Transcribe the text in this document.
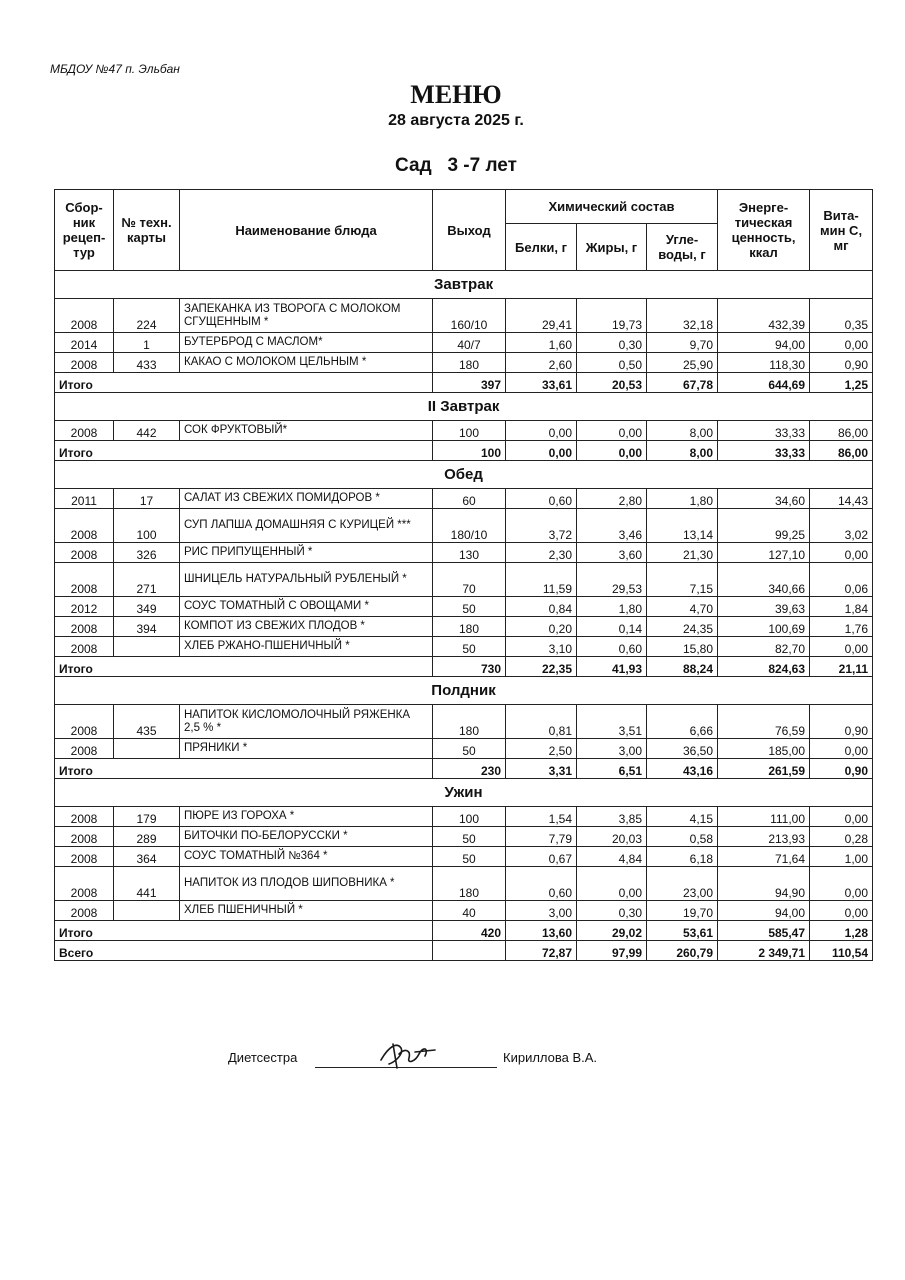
МБДОУ №47 п. Эльбан
МЕНЮ
28 августа 2025 г.
Сад   3 -7 лет
Сбор-ник рецеп-тур	№ техн. карты	Наименование блюда	Выход	Химический состав			Энерге-тическая ценность, ккал	Вита-мин С, мг
				Белки, г	Жиры, г	Угле-воды, г		
Завтрак								
2008	224	ЗАПЕКАНКА ИЗ ТВОРОГА С МОЛОКОМ СГУЩЕННЫМ *	160/10	29,41	19,73	32,18	432,39	0,35
2014	1	БУТЕРБРОД С МАСЛОМ*	40/7	1,60	0,30	9,70	94,00	0,00
2008	433	КАКАО С МОЛОКОМ ЦЕЛЬНЫМ *	180	2,60	0,50	25,90	118,30	0,90
Итого			397	33,61	20,53	67,78	644,69	1,25
II Завтрак								
2008	442	СОК ФРУКТОВЫЙ*	100	0,00	0,00	8,00	33,33	86,00
Итого			100	0,00	0,00	8,00	33,33	86,00
Обед								
2011	17	САЛАТ ИЗ СВЕЖИХ ПОМИДОРОВ *	60	0,60	2,80	1,80	34,60	14,43
2008	100	СУП ЛАПША ДОМАШНЯЯ С КУРИЦЕЙ ***	180/10	3,72	3,46	13,14	99,25	3,02
2008	326	РИС ПРИПУЩЕННЫЙ *	130	2,30	3,60	21,30	127,10	0,00
2008	271	ШНИЦЕЛЬ НАТУРАЛЬНЫЙ РУБЛЕНЫЙ *	70	11,59	29,53	7,15	340,66	0,06
2012	349	СОУС ТОМАТНЫЙ С ОВОЩАМИ *	50	0,84	1,80	4,70	39,63	1,84
2008	394	КОМПОТ ИЗ СВЕЖИХ ПЛОДОВ *	180	0,20	0,14	24,35	100,69	1,76
2008		ХЛЕБ РЖАНО-ПШЕНИЧНЫЙ *	50	3,10	0,60	15,80	82,70	0,00
Итого			730	22,35	41,93	88,24	824,63	21,11
Полдник								
2008	435	НАПИТОК КИСЛОМОЛОЧНЫЙ РЯЖЕНКА 2,5 % *	180	0,81	3,51	6,66	76,59	0,90
2008		ПРЯНИКИ *	50	2,50	3,00	36,50	185,00	0,00
Итого			230	3,31	6,51	43,16	261,59	0,90
Ужин								
2008	179	ПЮРЕ ИЗ ГОРОХА *	100	1,54	3,85	4,15	111,00	0,00
2008	289	БИТОЧКИ ПО-БЕЛОРУССКИ *	50	7,79	20,03	0,58	213,93	0,28
2008	364	СОУС ТОМАТНЫЙ №364 *	50	0,67	4,84	6,18	71,64	1,00
2008	441	НАПИТОК ИЗ ПЛОДОВ ШИПОВНИКА *	180	0,60	0,00	23,00	94,90	0,00
2008		ХЛЕБ ПШЕНИЧНЫЙ *	40	3,00	0,30	19,70	94,00	0,00
Итого			420	13,60	29,02	53,61	585,47	1,28
Всего				72,87	97,99	260,79	2 349,71	110,54
Диетсестра	Кириллова В.А.
